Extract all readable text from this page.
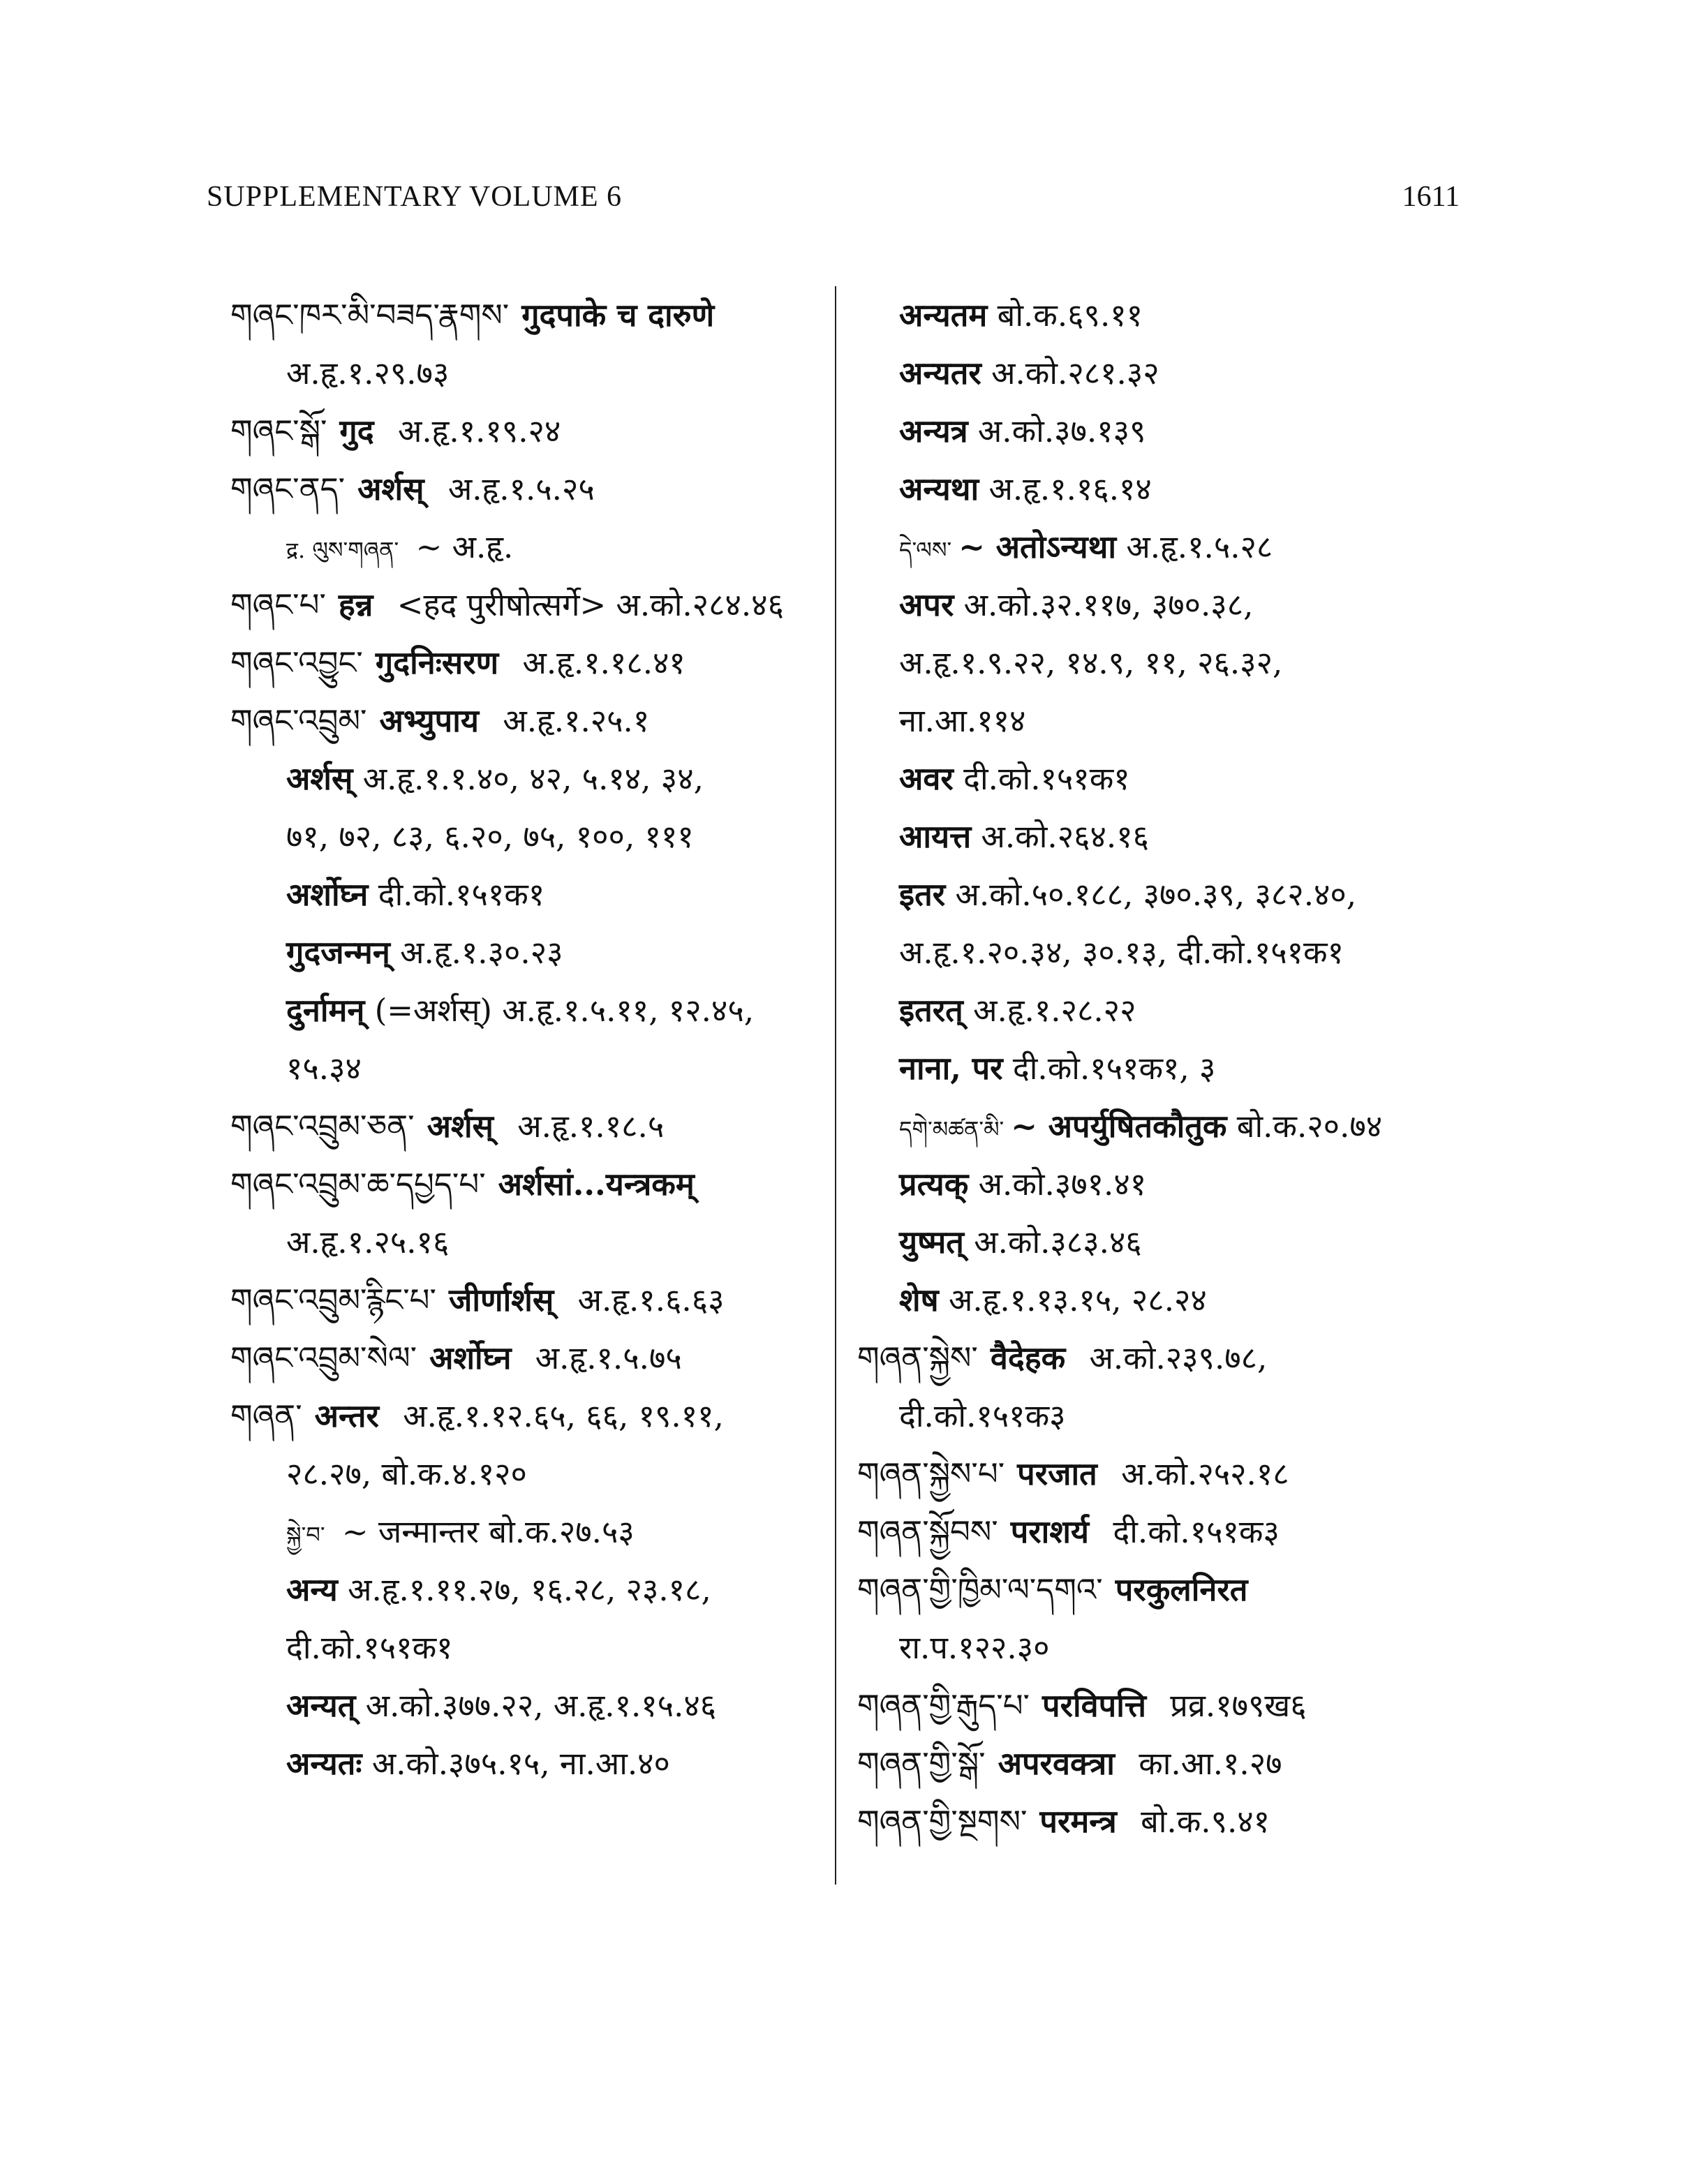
SUPPLEMENTARY VOLUME 6	1611
གཞང་ཁར་མི་བཟད་རྣགས་ गुदपाके च दारुणे
अ.हृ.१.२९.७३
གཞང་སྒོ་ गुद अ.हृ.१.१९.२४
གཞང་ནད་ अर्शस् अ.हृ.१.५.२५
द्र. ལུས་གཞན་ ~ अ.हृ.
གཞང་པ་ हन्न <हद पुरीषोत्सर्गे> अ.को.२८४.४६
གཞང་འབྱུང་ गुदनिःसरण अ.हृ.१.१८.४१
གཞང་འབྲུམ་ अभ्युपाय अ.हृ.१.२५.१
अर्शस् अ.हृ.१.१.४०, ४२, ५.१४, ३४,
७१, ७२, ८३, ६.२०, ७५, १००, १११
अर्शोघ्न दी.को.१५१क१
गुदजन्मन् अ.हृ.१.३०.२३
दुर्नामन् (=अर्शस्) अ.हृ.१.५.११, १२.४५,
१५.३४
གཞང་འབྲུམ་ཅན་ अर्शस् अ.हृ.१.१८.५
གཞང་འབྲུམ་ཆ་དཔྱད་པ་ अर्शसां...यन्त्रकम्
अ.हृ.१.२५.१६
གཞང་འབྲུམ་རྙིང་པ་ जीर्णार्शस् अ.हृ.१.६.६३
གཞང་འབྲུམ་སེལ་ अर्शोघ्न अ.हृ.१.५.७५
གཞན་ अन्तर अ.हृ.१.१२.६५, ६६, १९.११,
२८.२७, बो.क.४.१२०
སྐྱེ་བ་ ~ जन्मान्तर बो.क.२७.५३
अन्य अ.हृ.१.११.२७, १६.२८, २३.१८,
दी.को.१५१क१
अन्यत् अ.को.३७७.२२, अ.हृ.१.१५.४६
अन्यतः अ.को.३७५.१५, ना.आ.४०
अन्यतम बो.क.६९.११
अन्यतर अ.को.२८१.३२
अन्यत्र अ.को.३७.१३९
अन्यथा अ.हृ.१.१६.१४
དེ་ལས་ ~ अतोऽन्यथा अ.हृ.१.५.२८
अपर अ.को.३२.११७, ३७०.३८,
अ.हृ.१.९.२२, १४.९, ११, २६.३२,
ना.आ.११४
अवर दी.को.१५१क१
आयत्त अ.को.२६४.१६
इतर अ.को.५०.१८८, ३७०.३९, ३८२.४०,
अ.हृ.१.२०.३४, ३०.१३, दी.को.१५१क१
इतरत् अ.हृ.१.२८.२२
नाना, पर दी.को.१५१क१, ३
དགེ་མཚན་མི་ ~ अपर्युषितकौतुक बो.क.२०.७४
प्रत्यक् अ.को.३७१.४१
युष्मत् अ.को.३८३.४६
शेष अ.हृ.१.१३.१५, २८.२४
གཞན་སྐྱེས་ वैदेहक अ.को.२३९.७८,
दी.को.१५१क३
གཞན་སྐྱེས་པ་ परजात अ.को.२५२.१८
གཞན་སྐྱོབས་ पराशर्य दी.को.१५१क३
གཞན་གྱི་ཁྱིམ་ལ་དགའ་ परकुलनिरत
रा.प.१२२.३०
གཞན་གྱི་རྒུད་པ་ परविपत्ति प्रव्र.१७९ख६
གཞན་གྱི་སྒོ་ अपरवक्त्रा का.आ.१.२७
གཞན་གྱི་སྔགས་ परमन्त्र बो.क.९.४१
